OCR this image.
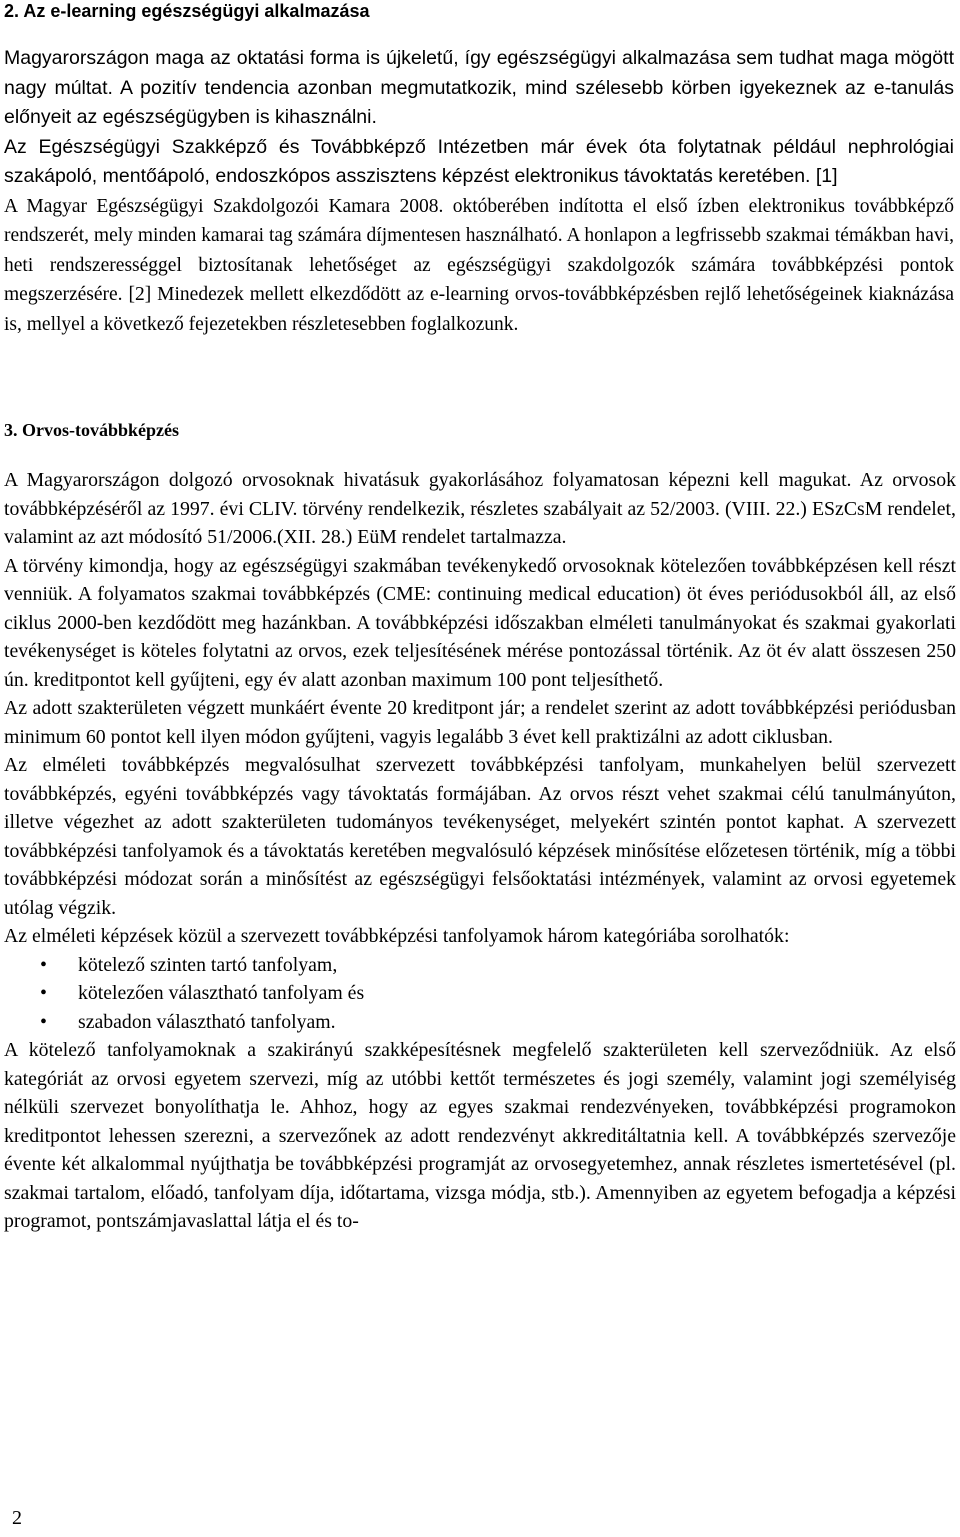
2. Az e-learning egészségügyi alkalmazása

Magyarországon maga az oktatási forma is újkeletű, így egészségügyi alkalmazása sem tudhat maga mögött nagy múltat. A pozitív tendencia azonban megmutatkozik, mind szélesebb körben igyekeznek az e-tanulás előnyeit az egészségügyben is kihasználni.

Az Egészségügyi Szakképző és Továbbképző Intézetben már évek óta folytatnak például nephrológiai szakápoló, mentőápoló, endoszkópos asszisztens képzést elektronikus távoktatás keretében. [1]

A Magyar Egészségügyi Szakdolgozói Kamara 2008. októberében indította el első ízben elektronikus továbbképző rendszerét, mely minden kamarai tag számára díjmentesen használható. A honlapon a legfrissebb szakmai témákban havi, heti rendszerességgel biztosítanak lehetőséget az egészségügyi szakdolgozók számára továbbképzési pontok megszerzésére. [2] Minedezek mellett elkezdődött az e-learning orvos-továbbképzésben rejlő lehetőségeinek kiaknázása is, mellyel a következő fejezetekben részletesebben foglalkozunk.

3. Orvos-továbbképzés

A Magyarországon dolgozó orvosoknak hivatásuk gyakorlásához folyamatosan képezni kell magukat. Az orvosok továbbképzéséről az 1997. évi CLIV. törvény rendelkezik, részletes szabályait az 52/2003. (VIII. 22.) ESzCsM rendelet, valamint az azt módosító 51/2006.(XII. 28.) EüM rendelet tartalmazza.

A törvény kimondja, hogy az egészségügyi szakmában tevékenykedő orvosoknak kötelezően továbbképzésen kell részt venniük. A folyamatos szakmai továbbképzés (CME: continuing medical education) öt éves periódusokból áll, az első ciklus 2000-ben kezdődött meg hazánkban. A továbbképzési időszakban elméleti tanulmányokat és szakmai gyakorlati tevékenységet is köteles folytatni az orvos, ezek teljesítésének mérése pontozással történik. Az öt év alatt összesen 250 ún. kreditpontot kell gyűjteni, egy év alatt azonban maximum 100 pont teljesíthető.

Az adott szakterületen végzett munkáért évente 20 kreditpont jár; a rendelet szerint az adott továbbképzési periódusban minimum 60 pontot kell ilyen módon gyűjteni, vagyis legalább 3 évet kell praktizálni az adott ciklusban.

Az elméleti továbbképzés megvalósulhat szervezett továbbképzési tanfolyam, munkahelyen belül szervezett továbbképzés, egyéni továbbképzés vagy távoktatás formájában. Az orvos részt vehet szakmai célú tanulmányúton, illetve végezhet az adott szakterületen tudományos tevékenységet, melyekért szintén pontot kaphat. A szervezett továbbképzési tanfolyamok és a távoktatás keretében megvalósuló képzések minősítése előzetesen történik, míg a többi továbbképzési módozat során a minősítést az egészségügyi felsőoktatási intézmények, valamint az orvosi egyetemek utólag végzik.

Az elméleti képzések közül a szervezett továbbképzési tanfolyamok három kategóriába sorolhatók:

• kötelező szinten tartó tanfolyam,
• kötelezően választható tanfolyam és
• szabadon választható tanfolyam.

A kötelező tanfolyamoknak a szakirányú szakképesítésnek megfelelő szakterületen kell szerveződniük. Az első kategóriát az orvosi egyetem szervezi, míg az utóbbi kettőt természetes és jogi személy, valamint jogi személyiség nélküli szervezet bonyolíthatja le. Ahhoz, hogy az egyes szakmai rendezvényeken, továbbképzési programokon kreditpontot lehessen szerezni, a szervezőnek az adott rendezvényt akkreditáltatnia kell. A továbbképzés szervezője évente két alkalommal nyújthatja be továbbképzési programját az orvosegyetemhez, annak részletes ismertetésével (pl. szakmai tartalom, előadó, tanfolyam díja, időtartama, vizsga módja, stb.). Amennyiben az egyetem befogadja a képzési programot, pontszámjavaslattal látja el és to-

2
